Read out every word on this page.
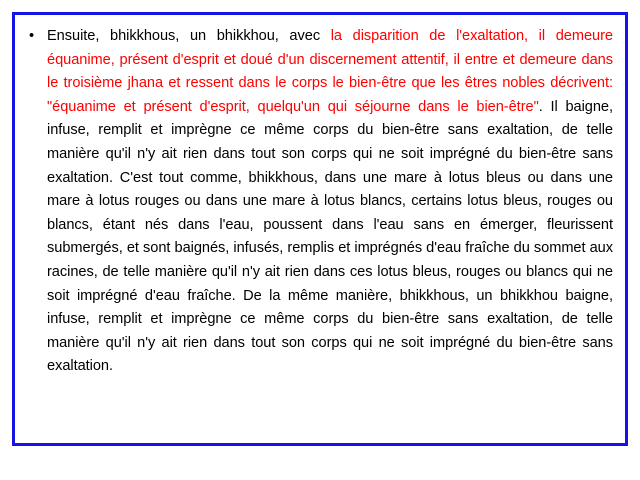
• Ensuite, bhikkhous, un bhikkhou, avec la disparition de l'exaltation, il demeure équanime, présent d'esprit et doué d'un discernement attentif, il entre et demeure dans le troisième jhana et ressent dans le corps le bien-être que les êtres nobles décrivent: "équanime et présent d'esprit, quelqu'un qui séjourne dans le bien-être". Il baigne, infuse, remplit et imprègne ce même corps du bien-être sans exaltation, de telle manière qu'il n'y ait rien dans tout son corps qui ne soit imprégné du bien-être sans exaltation. C'est tout comme, bhikkhous, dans une mare à lotus bleus ou dans une mare à lotus rouges ou dans une mare à lotus blancs, certains lotus bleus, rouges ou blancs, étant nés dans l'eau, poussent dans l'eau sans en émerger, fleurissent submergés, et sont baignés, infusés, remplis et imprégnés d'eau fraîche du sommet aux racines, de telle manière qu'il n'y ait rien dans ces lotus bleus, rouges ou blancs qui ne soit imprégné d'eau fraîche. De la même manière, bhikkhous, un bhikkhou baigne, infuse, remplit et imprègne ce même corps du bien-être sans exaltation, de telle manière qu'il n'y ait rien dans tout son corps qui ne soit imprégné du bien-être sans exaltation.
